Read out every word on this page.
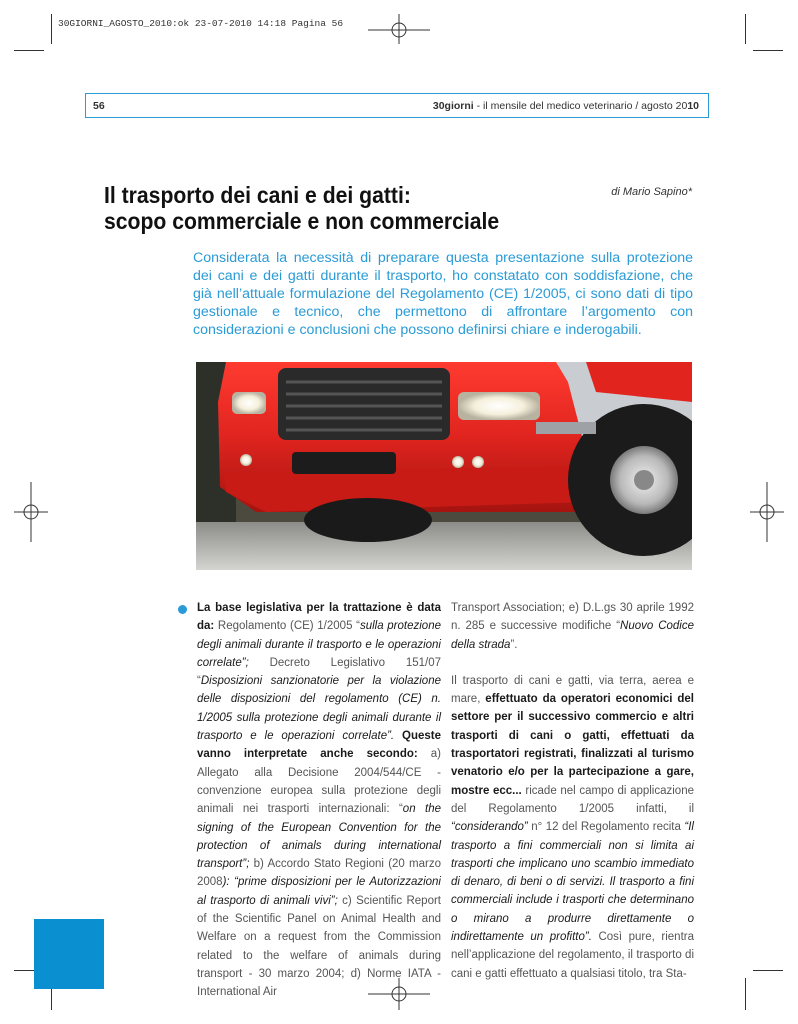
30GIORNI_AGOSTO_2010:ok 23-07-2010 14:18 Pagina 56
56	30giorni - il mensile del medico veterinario / agosto 2010
Il trasporto dei cani e dei gatti:
scopo commerciale e non commerciale
di Mario Sapino*
Considerata la necessità di preparare questa presentazione sulla protezione dei cani e dei gatti durante il trasporto, ho constatato con soddisfazione, che già nell’attuale formulazione del Regolamento (CE) 1/2005, ci sono dati di tipo gestionale e tecnico, che permettono di affrontare l’argomento con considerazioni e conclusioni che possono definirsi chiare e inderogabili.
La base legislativa per la trattazione è data da: Regolamento (CE) 1/2005 “sulla protezione degli animali durante il trasporto e le operazioni correlate”; Decreto Legislativo 151/07 “Disposizioni sanzionatorie per la violazione delle disposizioni del regolamento (CE) n. 1/2005 sulla protezione degli animali durante il trasporto e le operazioni correlate”. Queste vanno interpretate anche secondo: a) Allegato alla Decisione 2004/544/CE - convenzione europea sulla protezione degli animali nei trasporti internazionali: “on the signing of the European Convention for the protection of animals during international transport”; b) Accordo Stato Regioni (20 marzo 2008): “prime disposizioni per le Autorizzazioni al trasporto di animali vivi”; c) Scientific Report of the Scientific Panel on Animal Health and Welfare on a request from the Commission related to the welfare of animals during transport - 30 marzo 2004; d) Norme IATA - International Air
Transport Association; e) D.L.gs 30 aprile 1992 n. 285 e successive modifiche “Nuovo Codice della strada”.
Il trasporto di cani e gatti, via terra, aerea e mare, effettuato da operatori economici del settore per il successivo commercio e altri trasporti di cani o gatti, effettuati da trasportatori registrati, finalizzati al turismo venatorio e/o per la partecipazione a gare, mostre ecc... ricade nel campo di applicazione del Regolamento 1/2005 infatti, il “considerando” n° 12 del Regolamento recita “Il trasporto a fini commerciali non si limita ai trasporti che implicano uno scambio immediato di denaro, di beni o di servizi. Il trasporto a fini commerciali include i trasporti che determinano o mirano a produrre direttamente o indirettamente un profitto”. Così pure, rientra nell’applicazione del regolamento, il trasporto di cani e gatti effettuato a qualsiasi titolo, tra Sta-
